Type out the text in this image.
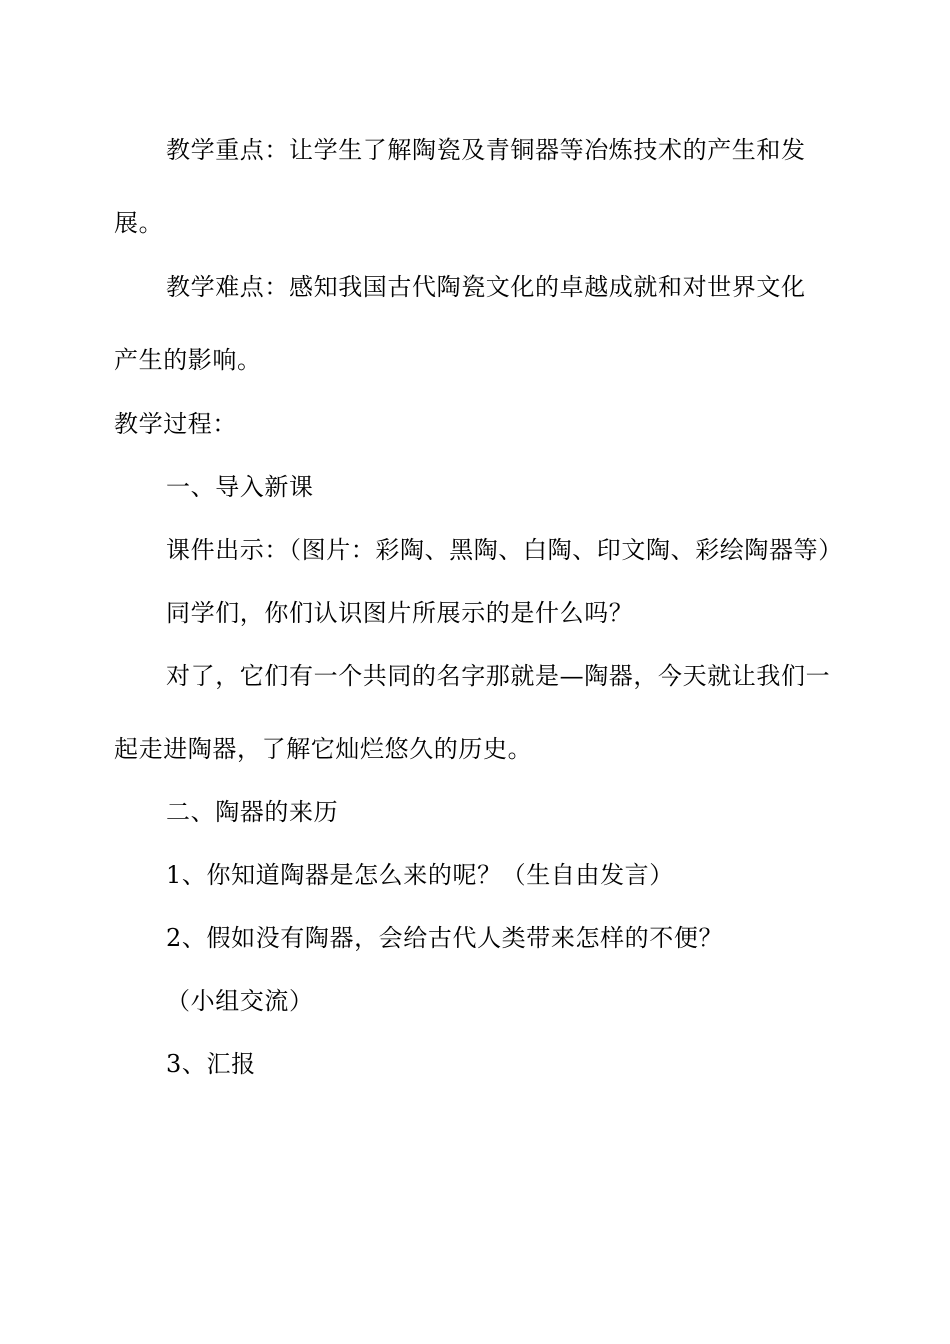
教学重点：让学生了解陶瓷及青铜器等冶炼技术的产生和发
展。
教学难点：感知我国古代陶瓷文化的卓越成就和对世界文化
产生的影响。
教学过程：
一、导入新课
课件出示：（图片：彩陶、黑陶、白陶、印文陶、彩绘陶器等）
同学们，你们认识图片所展示的是什么吗？
对了，它们有一个共同的名字那就是—陶器，今天就让我们一
起走进陶器，了解它灿烂悠久的历史。
二、陶器的来历
1、你知道陶器是怎么来的呢？（生自由发言）
2、假如没有陶器，会给古代人类带来怎样的不便？
（小组交流）
3、汇报
